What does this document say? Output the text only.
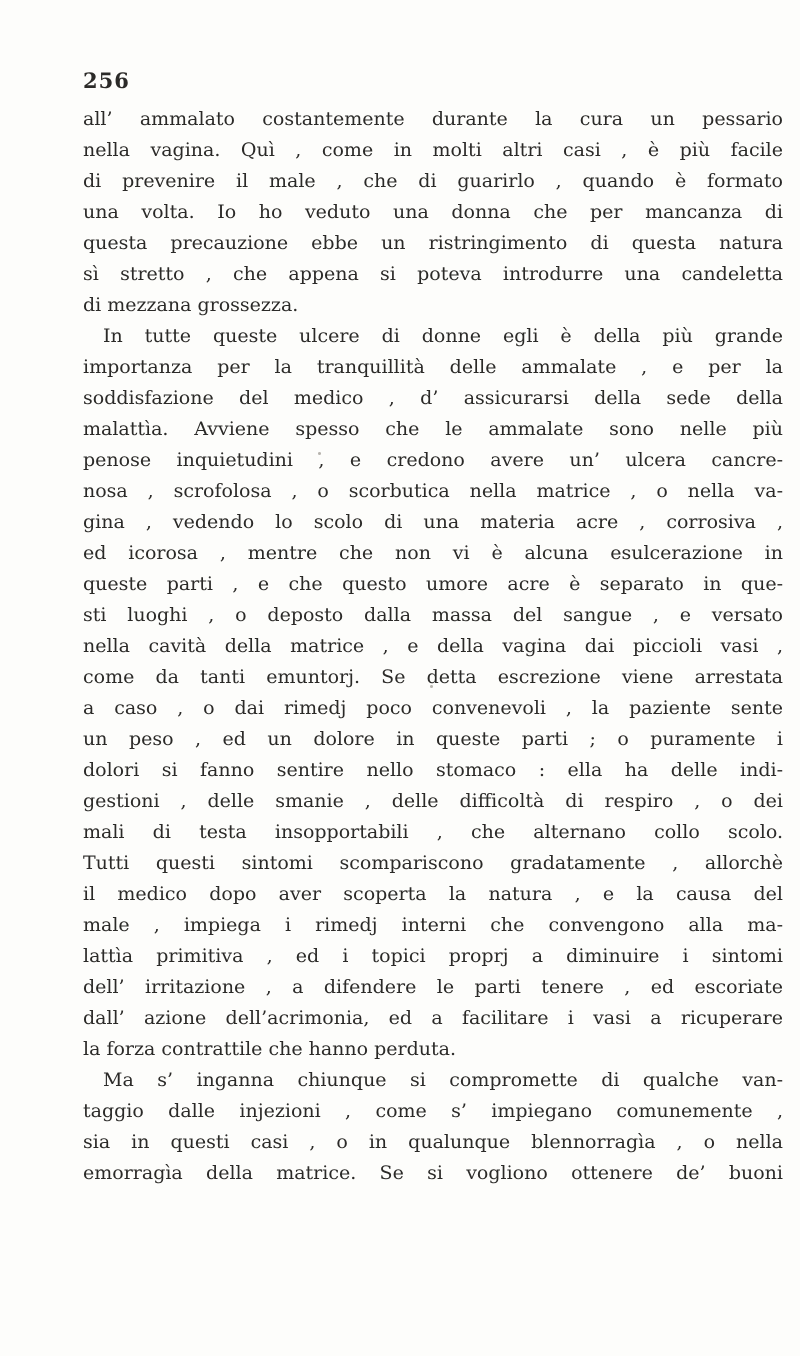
256

all’ ammalato costantemente durante la cura un pessario
nella vagina. Quì , come in molti altri casi , è più facile
di prevenire il male , che di guarirlo , quando è formato
una volta. Io ho veduto una donna che per mancanza di
questa precauzione ebbe un ristringimento di questa natura
sì stretto , che appena si poteva introdurre una candeletta
di mezzana grossezza.
In tutte queste ulcere di donne egli è della più grande
importanza per la tranquillità delle ammalate , e per la
soddisfazione del medico , d’ assicurarsi della sede della
malattìa. Avviene spesso che le ammalate sono nelle più
penose inquietudini , e credono avere un’ ulcera cancre-
nosa , scrofolosa , o scorbutica nella matrice , o nella va-
gina , vedendo lo scolo di una materia acre , corrosiva ,
ed icorosa , mentre che non vi è alcuna esulcerazione in
queste parti , e che questo umore acre è separato in que-
sti luoghi , o deposto dalla massa del sangue , e versato
nella cavità della matrice , e della vagina dai piccioli vasi ,
come da tanti emuntorj. Se detta escrezione viene arrestata
a caso , o dai rimedj poco convenevoli , la paziente sente
un peso , ed un dolore in queste parti ; o puramente i
dolori si fanno sentire nello stomaco : ella ha delle indi-
gestioni , delle smanie , delle difficoltà di respiro , o dei
mali di testa insopportabili , che alternano collo scolo.
Tutti questi sintomi scompariscono gradatamente , allorchè
il medico dopo aver scoperta la natura , e la causa del
male , impiega i rimedj interni che convengono alla ma-
lattìa primitiva , ed i topici proprj a diminuire i sintomi
dell’ irritazione , a difendere le parti tenere , ed escoriate
dall’ azione dell’acrimonia, ed a facilitare i vasi a ricuperare
la forza contrattile che hanno perduta.
Ma s’ inganna chiunque si compromette di qualche van-
taggio dalle injezioni , come s’ impiegano comunemente ,
sia in questi casi , o in qualunque blennorragìa , o nella
emorragìa della matrice. Se si vogliono ottenere de’ buoni
